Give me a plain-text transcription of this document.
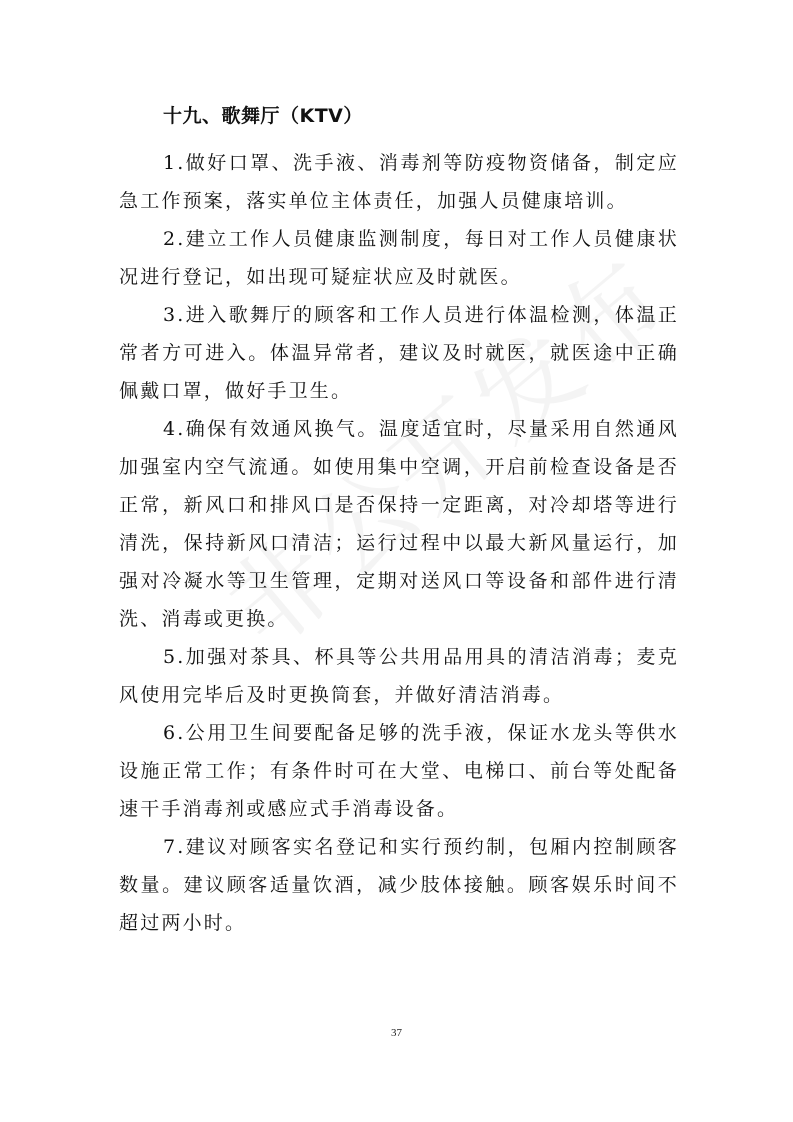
十九、歌舞厅（KTV）

1.做好口罩、洗手液、消毒剂等防疫物资储备，制定应急工作预案，落实单位主体责任，加强人员健康培训。

2.建立工作人员健康监测制度，每日对工作人员健康状况进行登记，如出现可疑症状应及时就医。

3.进入歌舞厅的顾客和工作人员进行体温检测，体温正常者方可进入。体温异常者，建议及时就医，就医途中正确佩戴口罩，做好手卫生。

4.确保有效通风换气。温度适宜时，尽量采用自然通风加强室内空气流通。如使用集中空调，开启前检查设备是否正常，新风口和排风口是否保持一定距离，对冷却塔等进行清洗，保持新风口清洁；运行过程中以最大新风量运行，加强对冷凝水等卫生管理，定期对送风口等设备和部件进行清洗、消毒或更换。

5.加强对茶具、杯具等公共用品用具的清洁消毒；麦克风使用完毕后及时更换筒套，并做好清洁消毒。

6.公用卫生间要配备足够的洗手液，保证水龙头等供水设施正常工作；有条件时可在大堂、电梯口、前台等处配备速干手消毒剂或感应式手消毒设备。

7.建议对顾客实名登记和实行预约制，包厢内控制顾客数量。建议顾客适量饮酒，减少肢体接触。顾客娱乐时间不超过两小时。

37
